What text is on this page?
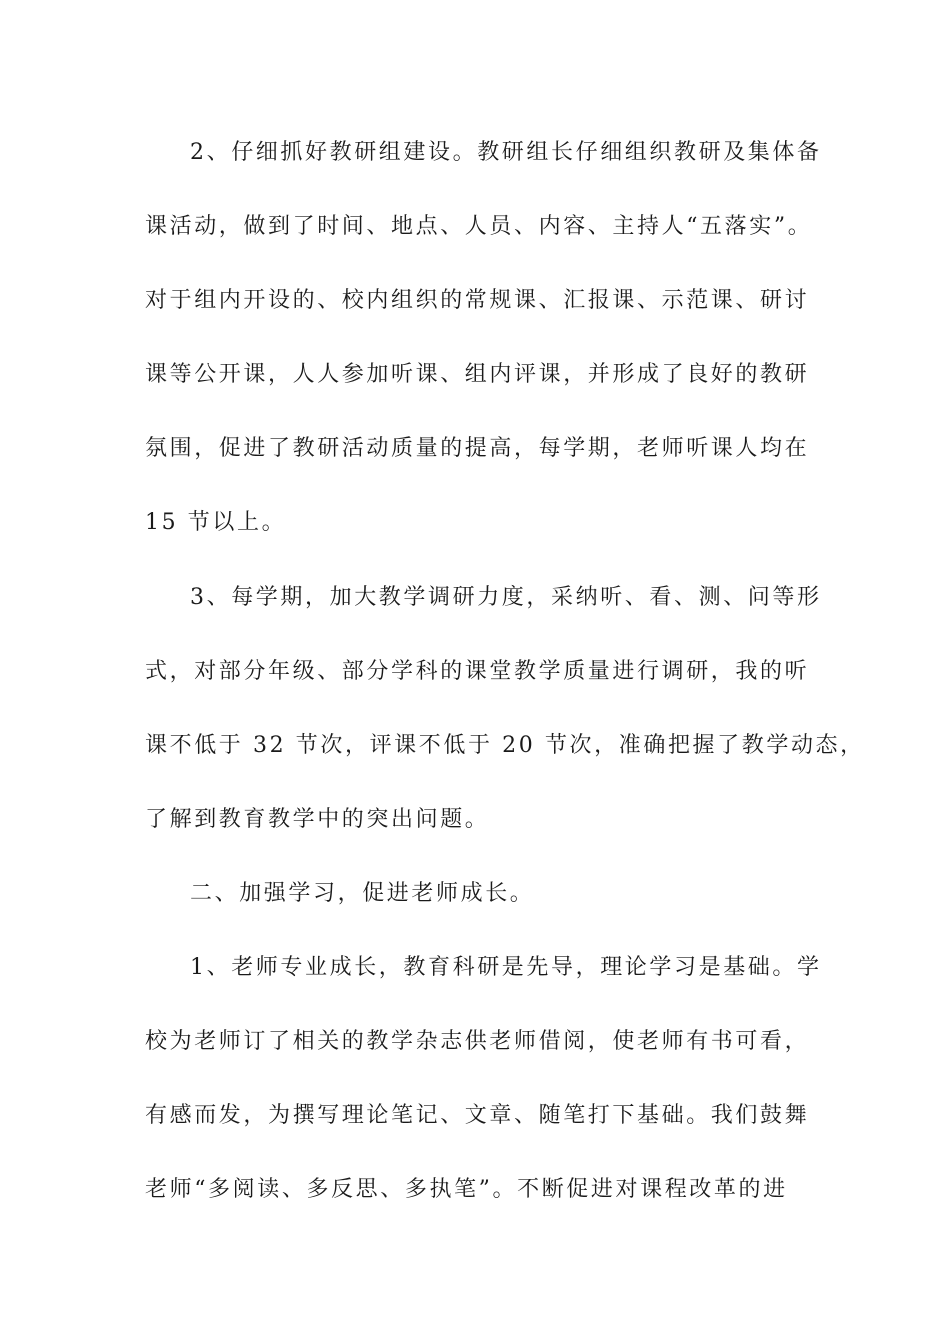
2、仔细抓好教研组建设。教研组长仔细组织教研及集体备
课活动，做到了时间、地点、人员、内容、主持人“五落实”。
对于组内开设的、校内组织的常规课、汇报课、示范课、研讨
课等公开课，人人参加听课、组内评课，并形成了良好的教研
氛围，促进了教研活动质量的提高，每学期，老师听课人均在
15 节以上。
3、每学期，加大教学调研力度，采纳听、看、测、问等形
式，对部分年级、部分学科的课堂教学质量进行调研，我的听
课不低于 32 节次，评课不低于 20 节次，准确把握了教学动态，
了解到教育教学中的突出问题。
二、加强学习，促进老师成长。
1、老师专业成长，教育科研是先导，理论学习是基础。学
校为老师订了相关的教学杂志供老师借阅，使老师有书可看，
有感而发，为撰写理论笔记、文章、随笔打下基础。我们鼓舞
老师“多阅读、多反思、多执笔”。不断促进对课程改革的进
